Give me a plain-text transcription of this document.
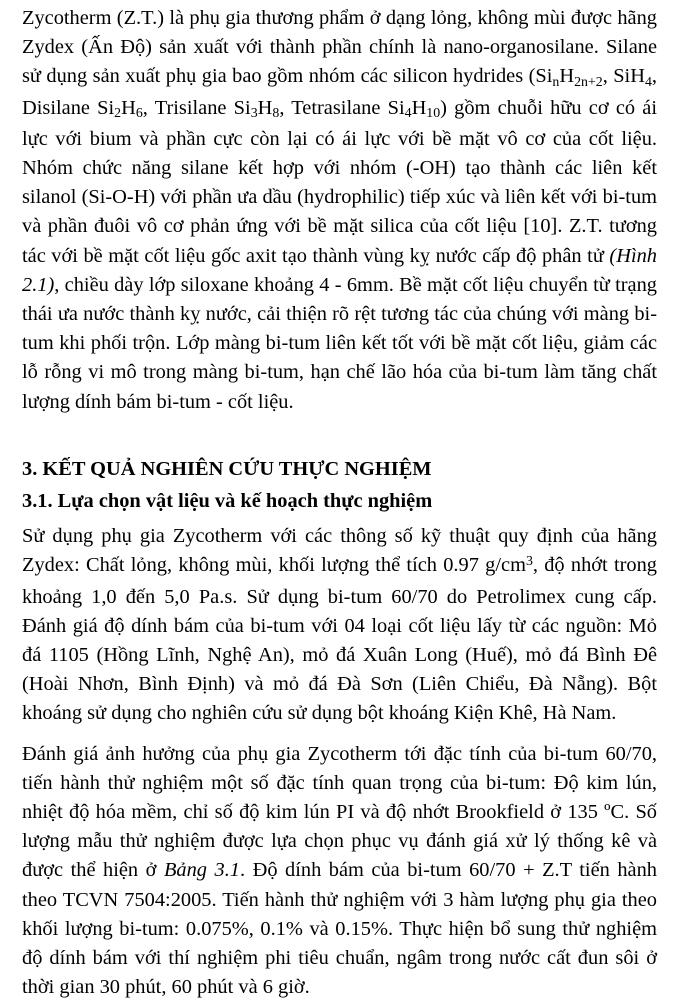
Zycotherm (Z.T.) là phụ gia thương phẩm ở dạng lỏng, không mùi được hãng Zydex (Ấn Độ) sản xuất với thành phần chính là nano-organosilane. Silane sử dụng sản xuất phụ gia bao gồm nhóm các silicon hydrides ($Si_nH_{2n+2}$, SiH$_4$, Disilane $Si_2H_6$, Trisilane $Si_3H_8$, Tetrasilane $Si_4H_{10}$) gồm chuỗi hữu cơ có ái lực với bium và phần cực còn lại có ái lực với bề mặt vô cơ của cốt liệu. Nhóm chức năng silane kết hợp với nhóm (-OH) tạo thành các liên kết silanol (Si-O-H) với phần ưa dầu (hydrophilic) tiếp xúc và liên kết với bi-tum và phần đuôi vô cơ phản ứng với bề mặt silica của cốt liệu [10]. Z.T. tương tác với bề mặt cốt liệu gốc axit tạo thành vùng kỵ nước cấp độ phân tử (Hình 2.1), chiều dày lớp siloxane khoảng 4 - 6mm. Bề mặt cốt liệu chuyển từ trạng thái ưa nước thành kỵ nước, cải thiện rõ rệt tương tác của chúng với màng bi-tum khi phối trộn. Lớp màng bi-tum liên kết tốt với bề mặt cốt liệu, giảm các lỗ rỗng vi mô trong màng bi-tum, hạn chế lão hóa của bi-tum làm tăng chất lượng dính bám bi-tum - cốt liệu.

3. KẾT QUẢ NGHIÊN CỨU THỰC NGHIỆM
3.1. Lựa chọn vật liệu và kế hoạch thực nghiệm

Sử dụng phụ gia Zycotherm với các thông số kỹ thuật quy định của hãng Zydex: Chất lỏng, không mùi, khối lượng thể tích 0.97 $g/cm^3$, độ nhớt trong khoảng 1,0 đến 5,0 Pa.s. Sử dụng bi-tum 60/70 do Petrolimex cung cấp. Đánh giá độ dính bám của bi-tum với 04 loại cốt liệu lấy từ các nguồn: Mỏ đá 1105 (Hồng Lĩnh, Nghệ An), mỏ đá Xuân Long (Huế), mỏ đá Bình Đê (Hoài Nhơn, Bình Định) và mỏ đá Đà Sơn (Liên Chiểu, Đà Nẵng). Bột khoáng sử dụng cho nghiên cứu sử dụng bột khoáng Kiện Khê, Hà Nam.

Đánh giá ảnh hưởng của phụ gia Zycotherm tới đặc tính của bi-tum 60/70, tiến hành thử nghiệm một số đặc tính quan trọng của bi-tum: Độ kim lún, nhiệt độ hóa mềm, chỉ số độ kim lún PI và độ nhớt Brookfield ở 135 ºC. Số lượng mẫu thử nghiệm được lựa chọn phục vụ đánh giá xử lý thống kê và được thể hiện ở Bảng 3.1. Độ dính bám của bi-tum 60/70 + Z.T tiến hành theo TCVN 7504:2005. Tiến hành thử nghiệm với 3 hàm lượng phụ gia theo khối lượng bi-tum: 0.075%, 0.1% và 0.15%. Thực hiện bổ sung thử nghiệm độ dính bám với thí nghiệm phi tiêu chuẩn, ngâm trong nước cất đun sôi ở thời gian 30 phút, 60 phút và 6 giờ.
